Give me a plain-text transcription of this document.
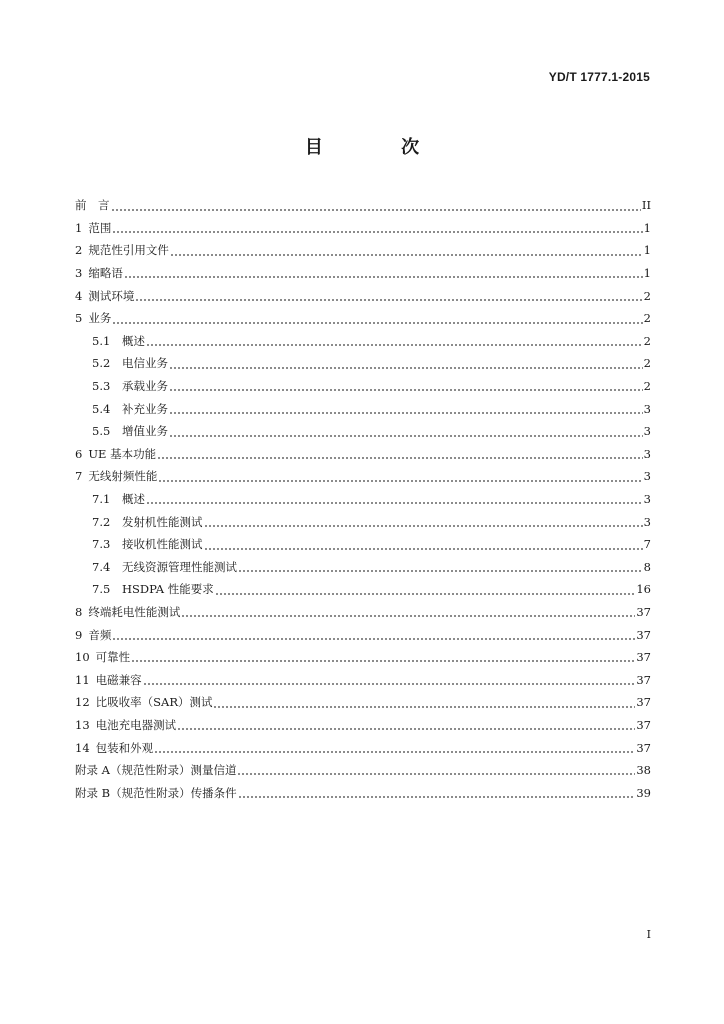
YD/T 1777.1-2015
目 次
前　言	II
1 范围	1
2 规范性引用文件	1
3 缩略语	1
4 测试环境	2
5 业务	2
5.1	概述	2
5.2	电信业务	2
5.3	承载业务	2
5.4	补充业务	3
5.5	增值业务	3
6 UE 基本功能	3
7 无线射频性能	3
7.1	概述	3
7.2	发射机性能测试	3
7.3	接收机性能测试	7
7.4	无线资源管理性能测试	8
7.5	HSDPA 性能要求	16
8 终端耗电性能测试	37
9 音频	37
10 可靠性	37
11 电磁兼容	37
12 比吸收率（SAR）测试	37
13 电池充电器测试	37
14 包装和外观	37
附录 A（规范性附录）测量信道	38
附录 B（规范性附录）传播条件	39
I
